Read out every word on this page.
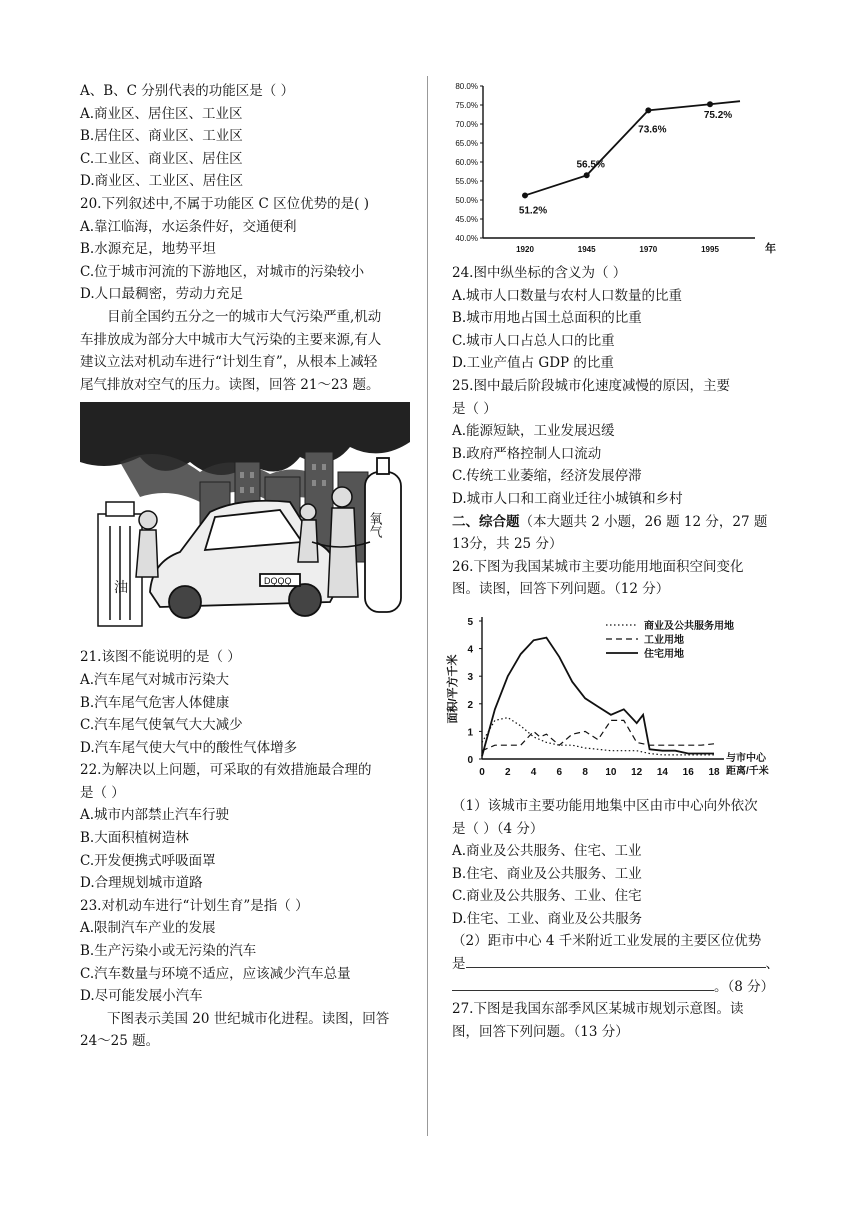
A、B、C 分别代表的功能区是（ ）
A.商业区、居住区、工业区
B.居住区、商业区、工业区
C.工业区、商业区、居住区
D.商业区、工业区、居住区
20.下列叙述中,不属于功能区 C 区位优势的是( )
A.靠江临海，水运条件好，交通便利
B.水源充足，地势平坦
C.位于城市河流的下游地区，对城市的污染较小
D.人口最稠密，劳动力充足
目前全国约五分之一的城市大气污染严重,机动
车排放成为部分大中城市大气污染的主要来源,有人
建议立法对机动车进行“计划生育”，从根本上减轻
尾气排放对空气的压力。读图，回答 21～23 题。
油	DQQQ
氧气
21.该图不能说明的是（ ）
A.汽车尾气对城市污染大
B.汽车尾气危害人体健康
C.汽车尾气使氧气大大减少
D.汽车尾气使大气中的酸性气体增多
22.为解决以上问题，可采取的有效措施最合理的
是（ ）
A.城市内部禁止汽车行驶
B.大面积植树造林
C.开发便携式呼吸面罩
D.合理规划城市道路
23.对机动车进行“计划生育”是指（ ）
A.限制汽车产业的发展
B.生产污染小或无污染的汽车
C.汽车数量与环境不适应，应该减少汽车总量
D.尽可能发展小汽车
下图表示美国 20 世纪城市化进程。读图，回答
24～25 题。
40.0%
45.0%
50.0%
55.0%
60.0%
65.0%
70.0%
75.0%
80.0%
1920	1945	1970	1995	年
51.2%
56.5%
73.6%
75.2%
24.图中纵坐标的含义为（ ）
A.城市人口数量与农村人口数量的比重
B.城市用地占国土总面积的比重
C.城市人口占总人口的比重
D.工业产值占 GDP 的比重
25.图中最后阶段城市化速度减慢的原因，主要
是（ ）
A.能源短缺，工业发展迟缓
B.政府严格控制人口流动
C.传统工业萎缩，经济发展停滞
D.城市人口和工商业迁往小城镇和乡村
二、综合题（本大题共 2 小题，26 题 12 分，27 题
13分，共 25 分）
26.下图为我国某城市主要功能用地面积空间变化
图。读图，回答下列问题。（12 分）
0
1
2
3
4
5
0 2 4 6 8 10 12 14 16 18
面积/平方千米
与市中心
距离/千米
商业及公共服务用地
工业用地
住宅用地
（1）该城市主要功能用地集中区由市中心向外依次
是（ ）（4 分）
A.商业及公共服务、住宅、工业
B.住宅、商业及公共服务、工业
C.商业及公共服务、工业、住宅
D.住宅、工业、商业及公共服务
（2）距市中心 4 千米附近工业发展的主要区位优势
是	、
。（8 分）
27.下图是我国东部季风区某城市规划示意图。读
图，回答下列问题。（13 分）
